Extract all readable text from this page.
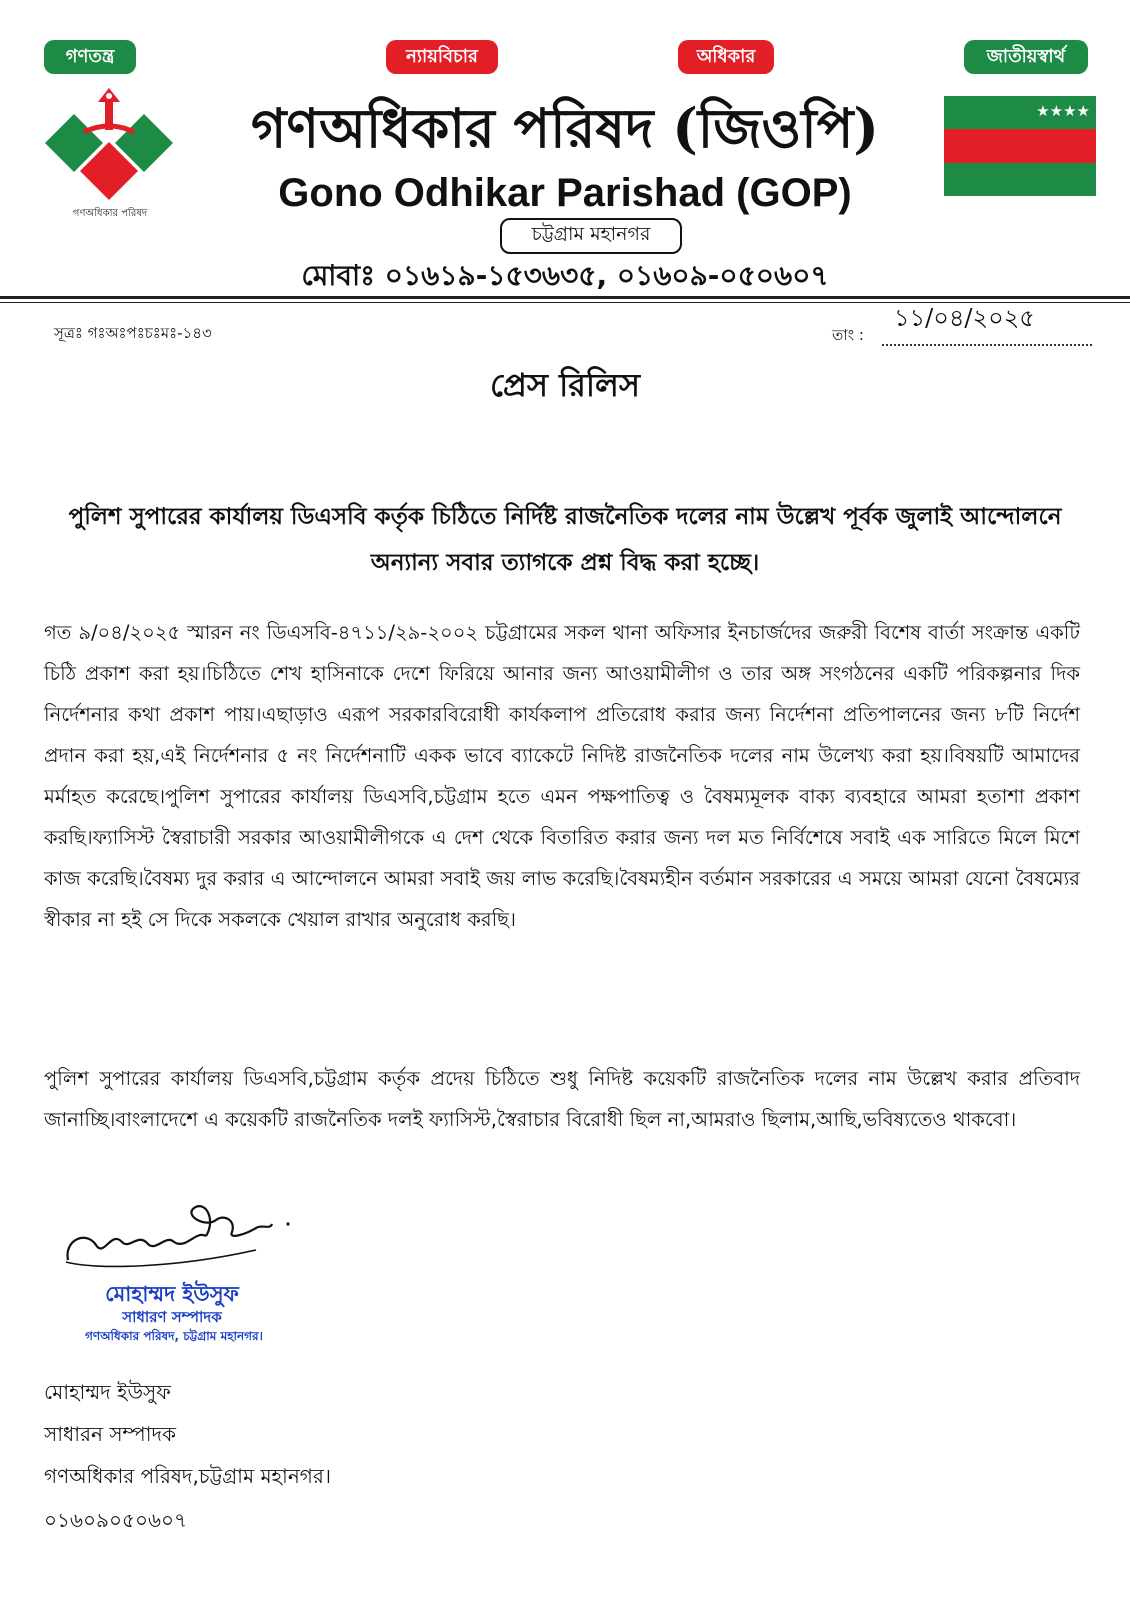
গণতন্ত্র	ন্যায়বিচার	অধিকার	জাতীয়স্বার্থ
গণঅধিকার পরিষদ
গণঅধিকার পরিষদ (জিওপি)
Gono Odhikar Parishad (GOP)
চট্টগ্রাম মহানগর
মোবাঃ ০১৬১৯-১৫৩৬৩৫, ০১৬০৯-০৫০৬০৭
★★★★
সূত্রঃ গঃঅঃপঃচঃমঃ-১৪৩	তাং :
১১/০৪/২০২৫
প্রেস রিলিস
পুলিশ সুপারের কার্যালয় ডিএসবি কর্তৃক চিঠিতে নির্দিষ্ট রাজনৈতিক দলের নাম উল্লেখ পূর্বক জুলাই আন্দোলনে অন্যান্য সবার ত্যাগকে প্রশ্ন বিদ্ধ করা হচ্ছে।
গত ৯/০৪/২০২৫ স্মারন নং ডিএসবি-৪৭১১/২৯-২০০২ চট্টগ্রামের সকল থানা অফিসার ইনচার্জদের জরুরী বিশেষ বার্তা সংক্রান্ত একটি চিঠি প্রকাশ করা হয়।চিঠিতে শেখ হাসিনাকে দেশে ফিরিয়ে আনার জন্য আওয়ামীলীগ ও তার অঙ্গ সংগঠনের একটি পরিকল্পনার দিক নির্দেশনার কথা প্রকাশ পায়।এছাড়াও এরূপ সরকারবিরোধী কার্যকলাপ প্রতিরোধ করার জন্য নির্দেশনা প্রতিপালনের জন্য ৮টি নির্দেশ প্রদান করা হয়,এই নির্দেশনার ৫ নং নির্দেশনাটি একক ভাবে ব্যাকেটে নিদিষ্ট রাজনৈতিক দলের নাম উলেখ্য করা হয়।বিষয়টি আমাদের মর্মাহত করেছে।পুলিশ সুপারের কার্যালয় ডিএসবি,চট্টগ্রাম হতে এমন পক্ষপাতিত্ব ও বৈষম্যমূলক বাক্য ব্যবহারে আমরা হতাশা প্রকাশ করছি।ফ্যাসিস্ট স্বৈরাচারী সরকার আওয়ামীলীগকে এ দেশ থেকে বিতারিত করার জন্য দল মত নির্বিশেষে সবাই এক সারিতে মিলে মিশে কাজ করেছি।বৈষম্য দুর করার এ আন্দোলনে আমরা সবাই জয় লাভ করেছি।বৈষম্যহীন বর্তমান সরকারের এ সময়ে আমরা যেনো বৈষম্যের স্বীকার না হই সে দিকে সকলকে খেয়াল রাখার অনুরোধ করছি।
পুলিশ সুপারের কার্যালয় ডিএসবি,চট্টগ্রাম কর্তৃক প্রদেয় চিঠিতে শুধু নিদিষ্ট কয়েকটি রাজনৈতিক দলের নাম উল্লেখ করার প্রতিবাদ জানাচ্ছি।বাংলাদেশে এ কয়েকটি রাজনৈতিক দলই ফ্যাসিস্ট,স্বৈরাচার বিরোধী ছিল না,আমরাও ছিলাম,আছি,ভবিষ্যতেও থাকবো।
মোহাম্মদ ইউসুফ
সাধারণ সম্পাদক
গণঅধিকার পরিষদ, চট্টগ্রাম মহানগর।
মোহাম্মদ ইউসুফ
সাধারন সম্পাদক
গণঅধিকার পরিষদ,চট্টগ্রাম মহানগর।
০১৬০৯০৫০৬০৭
